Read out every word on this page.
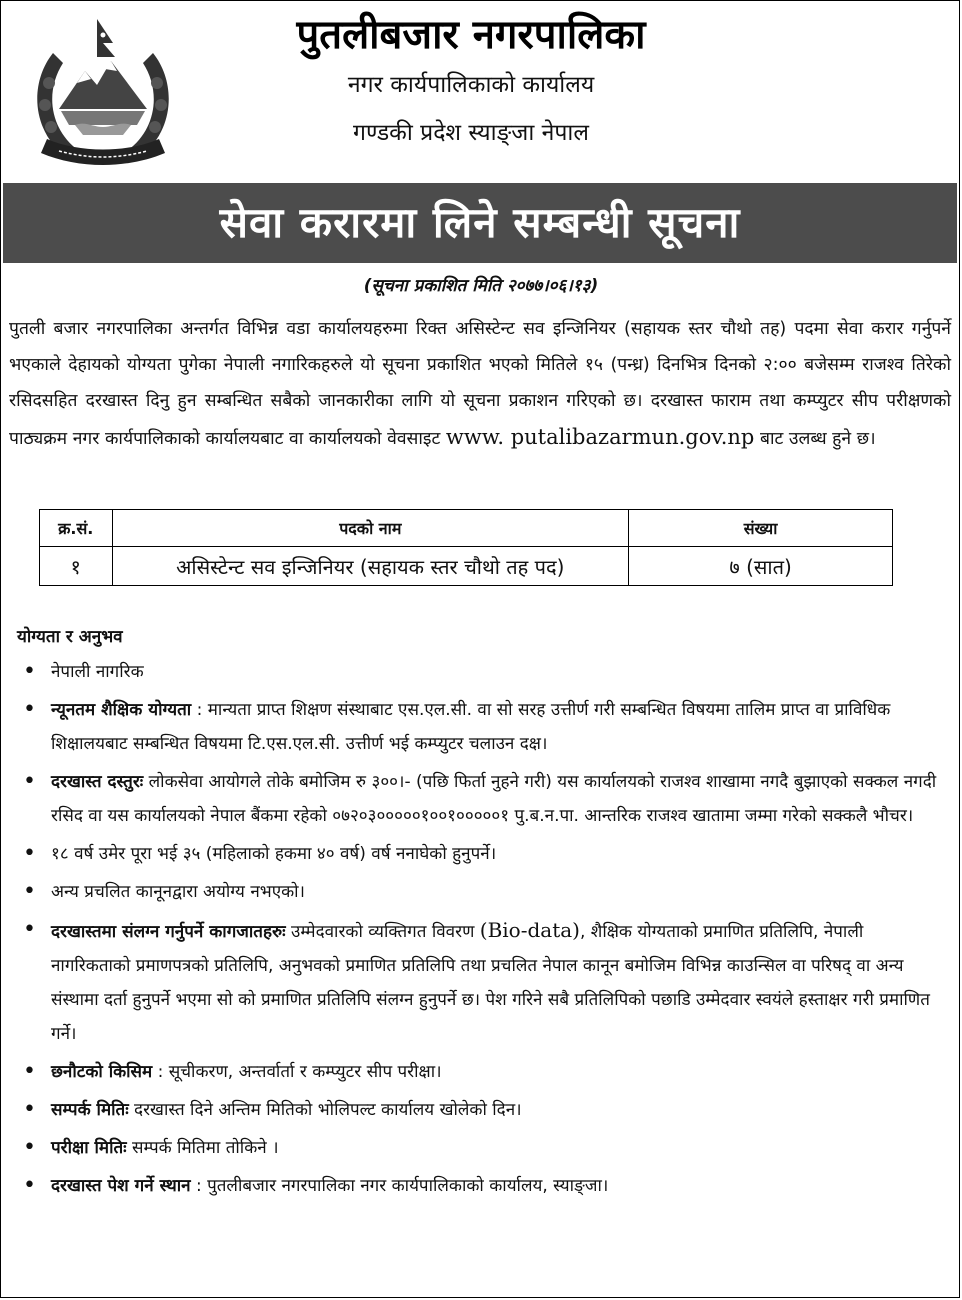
पुतलीबजार नगरपालिका
नगर कार्यपालिकाको कार्यालय
गण्डकी प्रदेश स्याङ्‌जा नेपाल
सेवा करारमा लिने सम्बन्धी सूचना
(सूचना प्रकाशित मिति २०७७।०६।१३)
पुतली बजार नगरपालिका अन्तर्गत विभिन्न वडा कार्यालयहरुमा रिक्त असिस्टेन्ट सव इन्जिनियर (सहायक स्तर चौथो तह) पदमा सेवा करार गर्नुपर्ने भएकाले देहायको योग्यता पुगेका नेपाली नगारिकहरुले यो सूचना प्रकाशित भएको मितिले १५ (पन्ध्र) दिनभित्र दिनको २:०० बजेसम्म राजश्व तिरेको रसिदसहित दरखास्त दिनु हुन सम्बन्धित सबैको जानकारीका लागि यो सूचना प्रकाशन गरिएको छ। दरखास्त फाराम तथा कम्प्युटर सीप परीक्षणको पाठ्यक्रम नगर कार्यपालिकाको कार्यालयबाट वा कार्यालयको वेवसाइट www. putalibazarmun.gov.np बाट उलब्ध हुने छ।
क्र.सं.	पदको नाम	संख्या
१	असिस्टेन्ट सव इन्जिनियर (सहायक स्तर चौथो तह पद)	७ (सात)
योग्यता र अनुभव
• नेपाली नागरिक
• न्यूनतम शैक्षिक योग्यता : मान्यता प्राप्त शिक्षण संस्थाबाट एस.एल.सी. वा सो सरह उत्तीर्ण गरी सम्बन्धित विषयमा तालिम प्राप्त वा प्राविधिक शिक्षालयबाट सम्बन्धित विषयमा टि.एस.एल.सी. उत्तीर्ण भई कम्प्युटर चलाउन दक्ष।
• दरखास्त दस्तुरः लोकसेवा आयोगले तोके बमोजिम रु ३००।- (पछि फिर्ता नुहने गरी) यस कार्यालयको राजश्व शाखामा नगदै बुझाएको सक्कल नगदी रसिद वा यस कार्यालयको नेपाल बैंकमा रहेको ०७२०३०००००१००१०००००१ पु.ब.न.पा. आन्तरिक राजश्व खातामा जम्मा गरेको सक्कलै भौचर।
• १८ वर्ष उमेर पूरा भई ३५ (महिलाको हकमा ४० वर्ष) वर्ष ननाघेको हुनुपर्ने।
• अन्य प्रचलित कानूनद्वारा अयोग्य नभएको।
• दरखास्तमा संलग्न गर्नुपर्ने कागजातहरुः उम्मेदवारको व्यक्तिगत विवरण (Bio-data), शैक्षिक योग्यताको प्रमाणित प्रतिलिपि, नेपाली नागरिकताको प्रमाणपत्रको प्रतिलिपि, अनुभवको प्रमाणित प्रतिलिपि तथा प्रचलित नेपाल कानून बमोजिम विभिन्न काउन्सिल वा परिषद् वा अन्य संस्थामा दर्ता हुनुपर्ने भएमा सो को प्रमाणित प्रतिलिपि संलग्न हुनुपर्ने छ। पेश गरिने सबै प्रतिलिपिको पछाडि उम्मेदवार स्वयंले हस्ताक्षर गरी प्रमाणित गर्ने।
• छनौटको किसिम : सूचीकरण, अन्तर्वार्ता र कम्प्युटर सीप परीक्षा।
• सम्पर्क मितिः दरखास्त दिने अन्तिम मितिको भोलिपल्ट कार्यालय खोलेको दिन।
• परीक्षा मितिः सम्पर्क मितिमा तोकिने ।
• दरखास्त पेश गर्ने स्थान : पुतलीबजार नगरपालिका नगर कार्यपालिकाको कार्यालय, स्याङ्‌जा।
